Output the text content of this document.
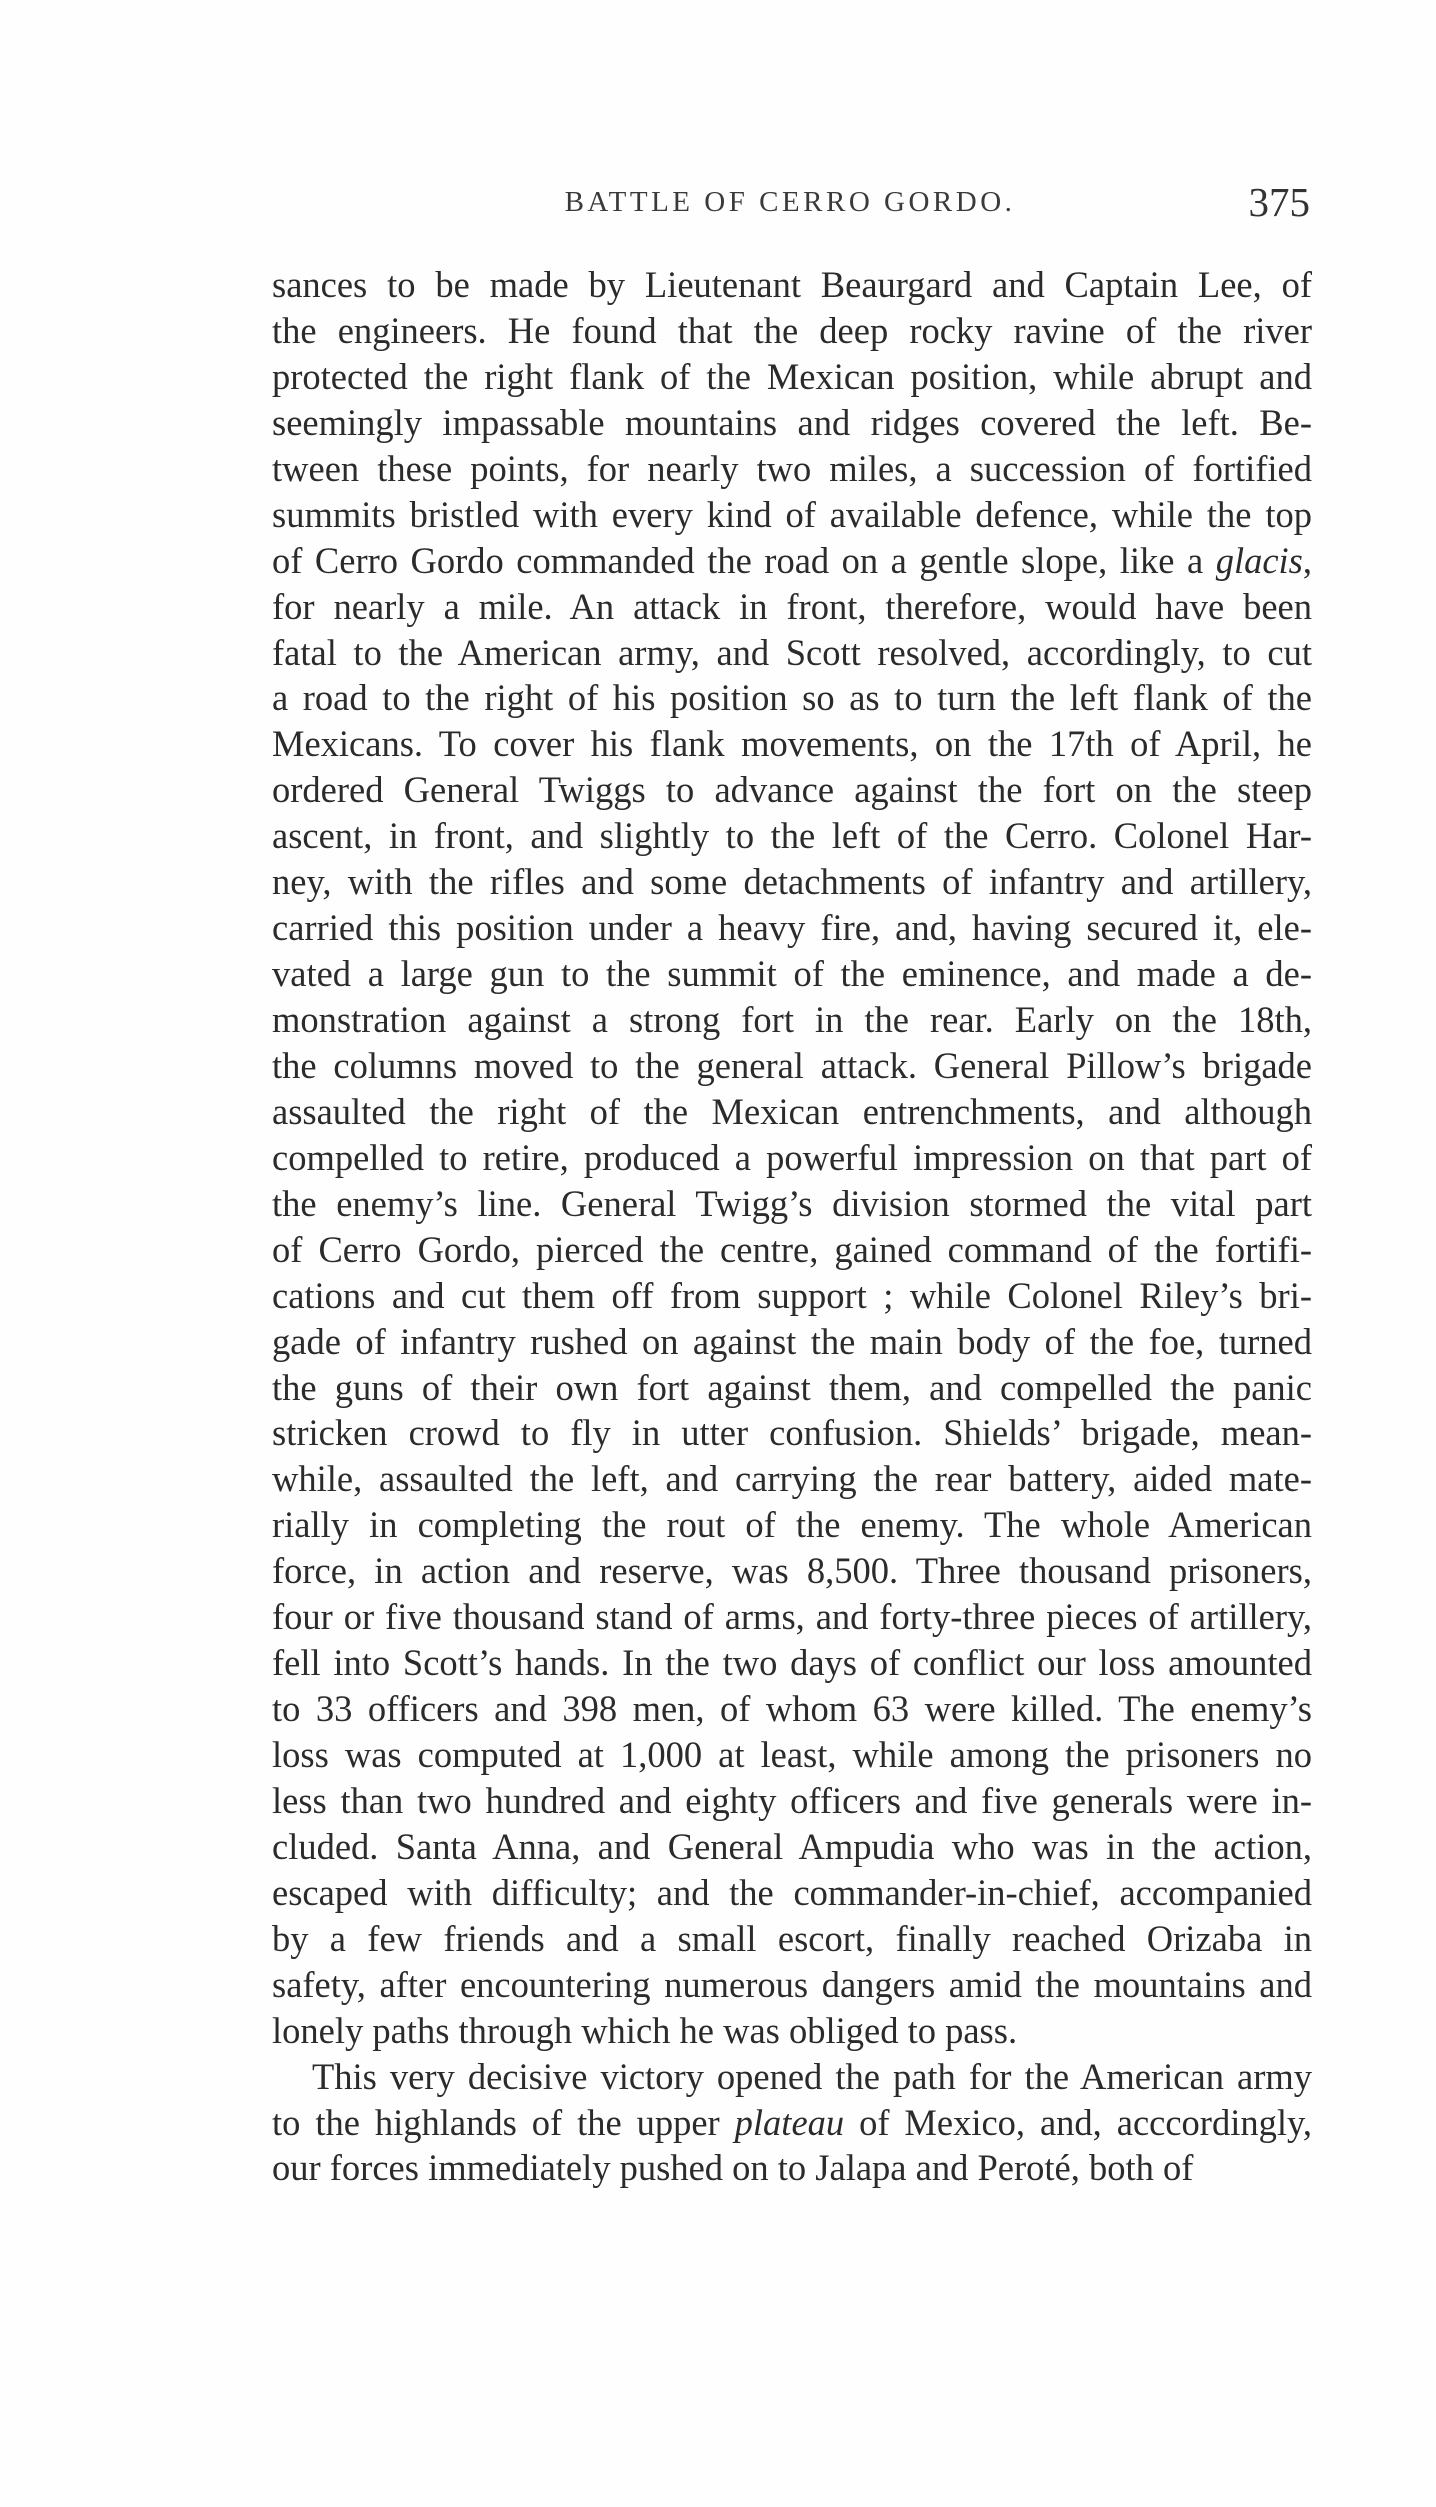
BATTLE OF CERRO GORDO.	375
sances to be made by Lieutenant Beaurgard and Captain Lee, of
the engineers. He found that the deep rocky ravine of the river
protected the right flank of the Mexican position, while abrupt and
seemingly impassable mountains and ridges covered the left. Be-
tween these points, for nearly two miles, a succession of fortified
summits bristled with every kind of available defence, while the top
of Cerro Gordo commanded the road on a gentle slope, like a glacis,
for nearly a mile. An attack in front, therefore, would have been
fatal to the American army, and Scott resolved, accordingly, to cut
a road to the right of his position so as to turn the left flank of the
Mexicans. To cover his flank movements, on the 17th of April, he
ordered General Twiggs to advance against the fort on the steep
ascent, in front, and slightly to the left of the Cerro. Colonel Har-
ney, with the rifles and some detachments of infantry and artillery,
carried this position under a heavy fire, and, having secured it, ele-
vated a large gun to the summit of the eminence, and made a de-
monstration against a strong fort in the rear. Early on the 18th,
the columns moved to the general attack. General Pillow’s brigade
assaulted the right of the Mexican entrenchments, and although
compelled to retire, produced a powerful impression on that part of
the enemy’s line. General Twigg’s division stormed the vital part
of Cerro Gordo, pierced the centre, gained command of the fortifi-
cations and cut them off from support ; while Colonel Riley’s bri-
gade of infantry rushed on against the main body of the foe, turned
the guns of their own fort against them, and compelled the panic
stricken crowd to fly in utter confusion. Shields’ brigade, mean-
while, assaulted the left, and carrying the rear battery, aided mate-
rially in completing the rout of the enemy. The whole American
force, in action and reserve, was 8,500. Three thousand prisoners,
four or five thousand stand of arms, and forty-three pieces of artillery,
fell into Scott’s hands. In the two days of conflict our loss amounted
to 33 officers and 398 men, of whom 63 were killed. The enemy’s
loss was computed at 1,000 at least, while among the prisoners no
less than two hundred and eighty officers and five generals were in-
cluded. Santa Anna, and General Ampudia who was in the action,
escaped with difficulty; and the commander-in-chief, accompanied
by a few friends and a small escort, finally reached Orizaba in
safety, after encountering numerous dangers amid the mountains and
lonely paths through which he was obliged to pass.
This very decisive victory opened the path for the American army
to the highlands of the upper plateau of Mexico, and, acccordingly,
our forces immediately pushed on to Jalapa and Peroté, both of
